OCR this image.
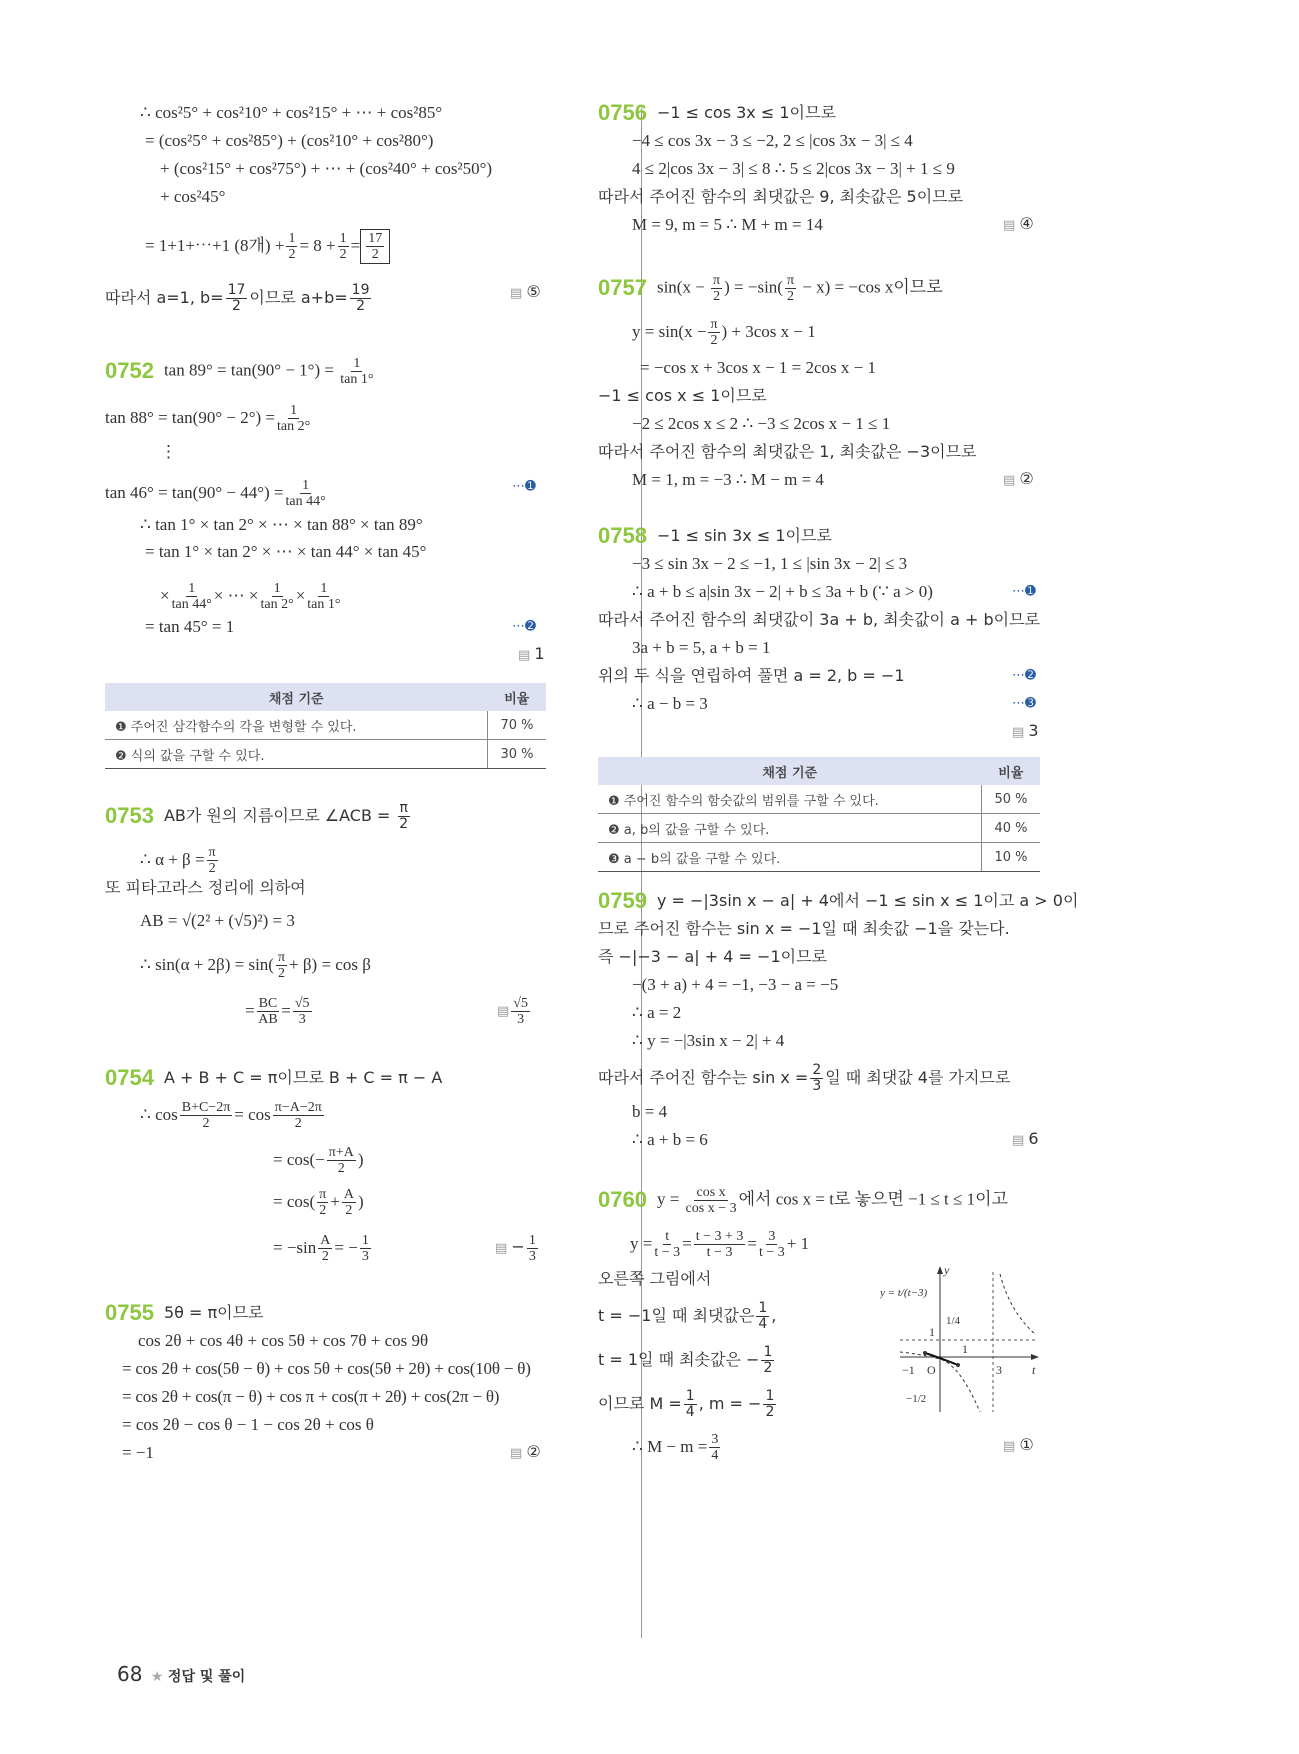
∴ cos²5° + cos²10° + cos²15° + ⋯ + cos²85°
= (cos²5° + cos²85°) + (cos²10° + cos²80°)
+ (cos²15° + cos²75°) + ⋯ + (cos²40° + cos²50°)
+ cos²45°
= 1+1+⋯+1 (8개) + $\frac{1}{2} = 8 + \frac{1}{2} = \frac{17}{2}$
따라서 a=1, $b= \frac{17}{2}$ 이므로 $a+b= \frac{19}{2}$	▤ ⑤
0752 $\tan 89^\circ = \tan(90^\circ - 1^\circ) = \frac{1}{\tan 1^\circ}$
$\tan 88^\circ = \tan(90^\circ - 2^\circ) = \frac{1}{\tan 2^\circ}$
⋮
$\tan 46^\circ = \tan(90^\circ - 44^\circ) = \frac{1}{\tan 44^\circ}$	⋯➊
∴ tan 1° × tan 2° × ⋯ × tan 88° × tan 89°
= tan 1° × tan 2° × ⋯ × tan 44° × tan 45°
× $\frac{1}{\tan 44^\circ}$ × ⋯ × $\frac{1}{\tan 2^\circ} \times \frac{1}{\tan 1^\circ}$
= tan 45° = 1	⋯➋
▤ 1
채점 기준	비율
❶ 주어진 삼각함수의 각을 변형할 수 있다.	70 %
❷ 식의 값을 구할 수 있다.	30 %
0753 AB가 원의 지름이므로 ∠ACB = $\frac{\pi}{2}$
∴ $\alpha + \beta = \frac{\pi}{2}$
또 피타고라스 정리에 의하여
AB = √(2² + (√5)²) = 3
∴ $\sin(\alpha + 2\beta) = \sin( \frac{\pi}{2} + \beta) = \cos \beta$
= $\frac{BC}{AB} = \frac{√5}{3}$ ▤	$\frac{√5}{3}$
0754 A + B + C = π이므로 B + C = π − A
∴ $\cos \frac{B+C-2\pi}{2} = \cos \frac{\pi-A-2\pi}{2}$
= $\cos(- \frac{\pi+A}{2}$ )
= $\cos( \frac{\pi}{2} + \frac{A}{2}$ )
= $-\sin \frac{A}{2}$ = − $\frac{1}{3}$	▤ − $\frac{1}{3}$
0755 5θ = π이므로
cos 2θ + cos 4θ + cos 5θ + cos 7θ + cos 9θ
= cos 2θ + cos(5θ − θ) + cos 5θ + cos(5θ + 2θ) + cos(10θ − θ)
= cos 2θ + cos(π − θ) + cos π + cos(π + 2θ) + cos(2π − θ)
= cos 2θ − cos θ − 1 − cos 2θ + cos θ
= −1	▤ ②
0756 −1 ≤ cos 3x ≤ 1이므로
−4 ≤ cos 3x − 3 ≤ −2, 2 ≤ |cos 3x − 3| ≤ 4
4 ≤ 2|cos 3x − 3| ≤ 8 ∴ 5 ≤ 2|cos 3x − 3| + 1 ≤ 9
따라서 주어진 함수의 최댓값은 9, 최솟값은 5이므로
M = 9, m = 5 ∴ M + m = 14	▤ ④
0757 $\sin(x - \frac{\pi}{2}$ ) = $-\sin( \frac{\pi}{2} - x) = -\cos$ x이므로
$y = \sin(x - \frac{\pi}{2}$ ) + 3cos x − 1
= −cos x + 3cos x − 1 = 2cos x − 1
−1 ≤ cos x ≤ 1이므로
−2 ≤ 2cos x ≤ 2 ∴ −3 ≤ 2cos x − 1 ≤ 1
따라서 주어진 함수의 최댓값은 1, 최솟값은 −3이므로
M = 1, m = −3 ∴ M − m = 4	▤ ②
0758 −1 ≤ sin 3x ≤ 1이므로
−3 ≤ sin 3x − 2 ≤ −1, 1 ≤ |sin 3x − 2| ≤ 3
∴ a + b ≤ a|sin 3x − 2| + b ≤ 3a + b (∵ a > 0)	⋯➊
따라서 주어진 함수의 최댓값이 3a + b, 최솟값이 a + b이므로
3a + b = 5, a + b = 1
위의 두 식을 연립하여 풀면 a = 2, b = −1	⋯➋
∴ a − b = 3	⋯➌
▤ 3
채점 기준	비율
❶ 주어진 함수의 함숫값의 범위를 구할 수 있다.	50 %
❷ a, b의 값을 구할 수 있다.	40 %
❸ a − b의 값을 구할 수 있다.	10 %
0759 y = −|3sin x − a| + 4에서 −1 ≤ sin x ≤ 1이고 a > 0이
므로 주어진 함수는 sin x = −1일 때 최솟값 −1을 갖는다.
즉 −|−3 − a| + 4 = −1이므로
−(3 + a) + 4 = −1, −3 − a = −5
∴ a = 2
∴ y = −|3sin x − 2| + 4
따라서 주어진 함수는 $\sin x = \frac{2}{3}$ 일 때 최댓값 4를 가지므로
b = 4
∴ a + b = 6	▤ 6
0760 $y = \frac{\text{cos x}}{\text{cos x − 3}}$ 에서 cos x = t로 놓으면 −1 ≤ t ≤ 1이고
$y = \frac{t}{t - 3} = \frac{t - 3 + 3}{t - 3} = \frac{3}{t - 3} + 1$
오른쪽 그림에서
t = −1일 때 최댓값은 $\frac{1}{4}$ ,
t = 1일 때 최솟값은 − $\frac{1}{2}$
이므로 $M = \frac{1}{4}$ , m = − $\frac{1}{2}$
∴ $M - m = \frac{3}{4}$	▤ ①
y
t
3
1
−1 O
1
1/4
−1/2
y = t/(t−3)
68 ★ 정답 및 풀이
